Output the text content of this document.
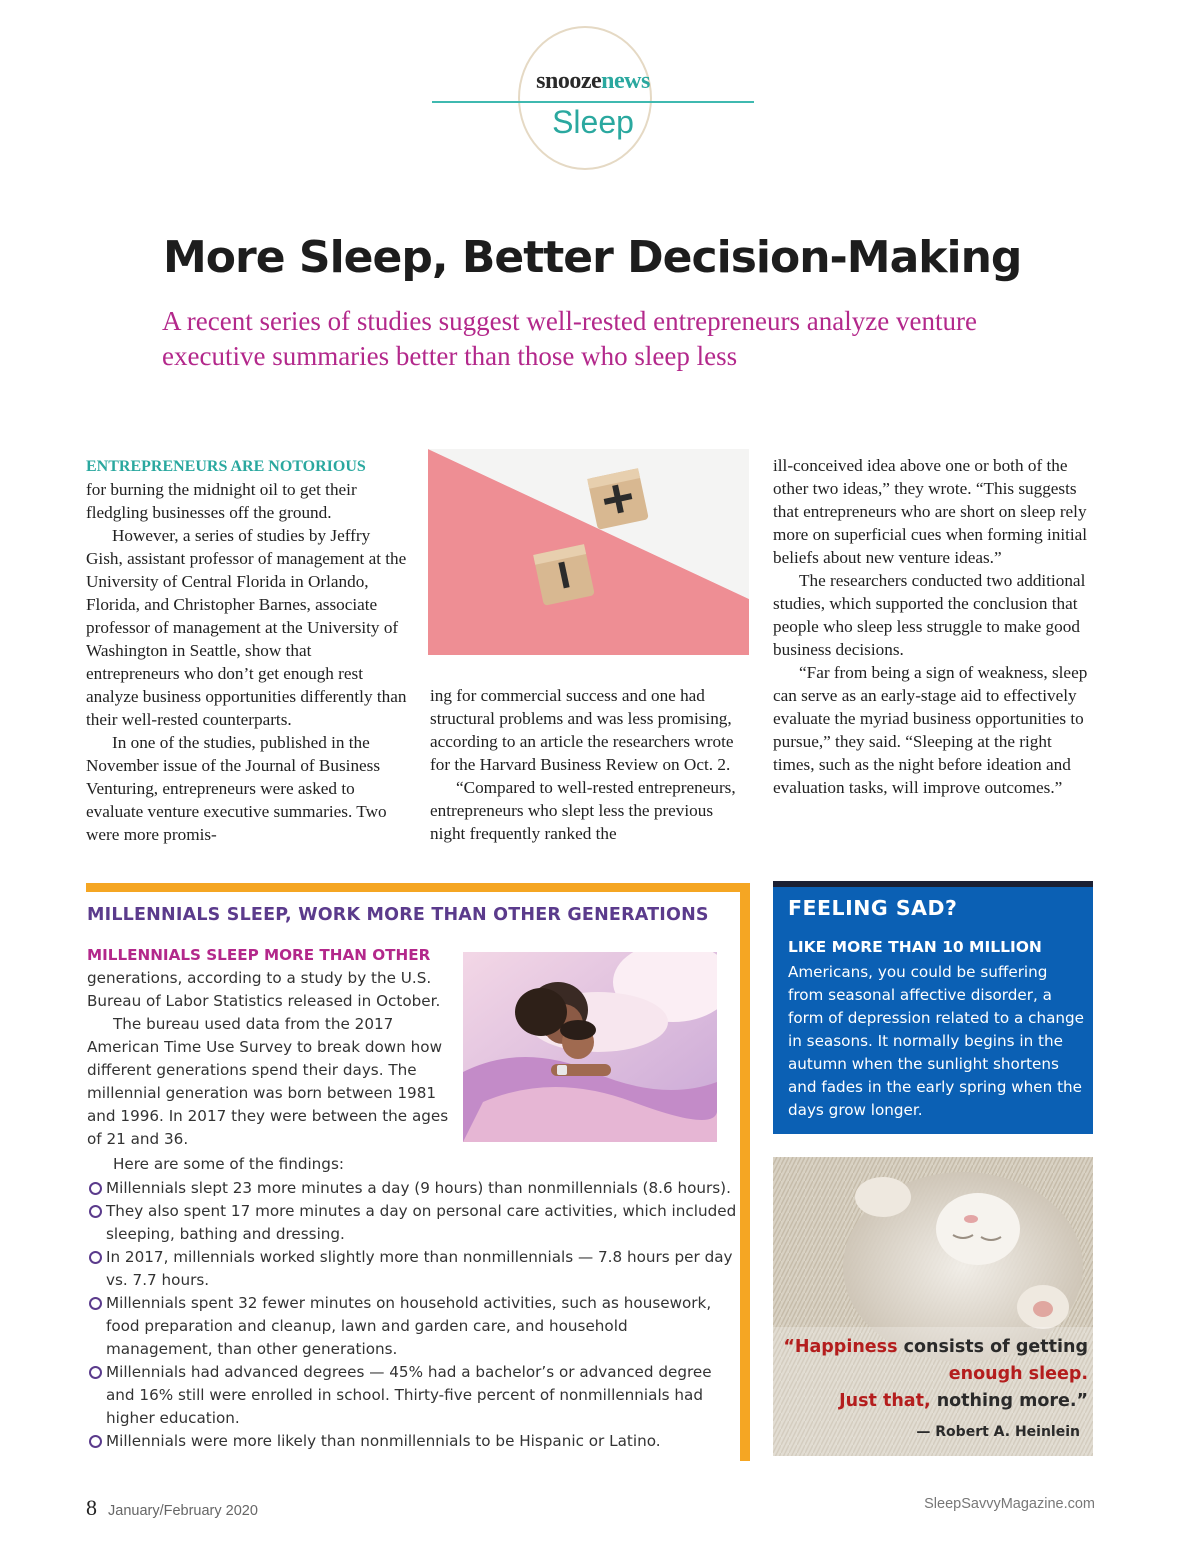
snoozenews
Sleep
More Sleep, Better Decision-Making
A recent series of studies suggest well-rested entrepreneurs analyze venture executive summaries better than those who sleep less

ENTREPRENEURS ARE NOTORIOUS
for burning the midnight oil to get their fledgling businesses off the ground.

However, a series of studies by Jeffry Gish, assistant professor of management at the University of Central Florida in Orlando, Florida, and Christopher Barnes, associate professor of management at the University of Washington in Seattle, show that entrepreneurs who don’t get enough rest analyze business opportunities differently than their well-rested counterparts.

In one of the studies, published in the November issue of the Journal of Business Venturing, entrepreneurs were asked to evaluate venture executive summaries. Two were more promis-

ing for commercial success and one had structural problems and was less promising, according to an article the researchers wrote for the Harvard Business Review on Oct. 2.

“Compared to well-rested entrepreneurs, entrepreneurs who slept less the previous night frequently ranked the

ill-conceived idea above one or both of the other two ideas,” they wrote. “This suggests that entrepreneurs who are short on sleep rely more on superficial cues when forming initial beliefs about new venture ideas.”

The researchers conducted two additional studies, which supported the conclusion that people who sleep less struggle to make good business decisions.

“Far from being a sign of weakness, sleep can serve as an early-stage aid to effectively evaluate the myriad business opportunities to pursue,” they said. “Sleeping at the right times, such as the night before ideation and evaluation tasks, will improve outcomes.”

MILLENNIALS SLEEP, WORK MORE THAN OTHER GENERATIONS

MILLENNIALS SLEEP MORE THAN OTHER
generations, according to a study by the U.S. Bureau of Labor Statistics released in October.

The bureau used data from the 2017 American Time Use Survey to break down how different generations spend their days. The millennial generation was born between 1981 and 1996. In 2017 they were between the ages of 21 and 36.

Here are some of the findings:
Millennials slept 23 more minutes a day (9 hours) than nonmillennials (8.6 hours).
They also spent 17 more minutes a day on personal care activities, which included sleeping, bathing and dressing.
In 2017, millennials worked slightly more than nonmillennials — 7.8 hours per day vs. 7.7 hours.
Millennials spent 32 fewer minutes on household activities, such as housework, food preparation and cleanup, lawn and garden care, and household management, than other generations.
Millennials had advanced degrees — 45% had a bachelor’s or advanced degree and 16% still were enrolled in school. Thirty-five percent of nonmillennials had higher education.
Millennials were more likely than nonmillennials to be Hispanic or Latino.
FEELING SAD?
LIKE MORE THAN 10 MILLION
Americans, you could be suffering from seasonal affective disorder, a form of depression related to a change in seasons. It normally begins in the autumn when the sunlight shortens and fades in the early spring when the days grow longer.
“Happiness consists of getting enough sleep.
Just that, nothing more.”
— Robert A. Heinlein
8 January/February 2020	SleepSavvyMagazine.com
